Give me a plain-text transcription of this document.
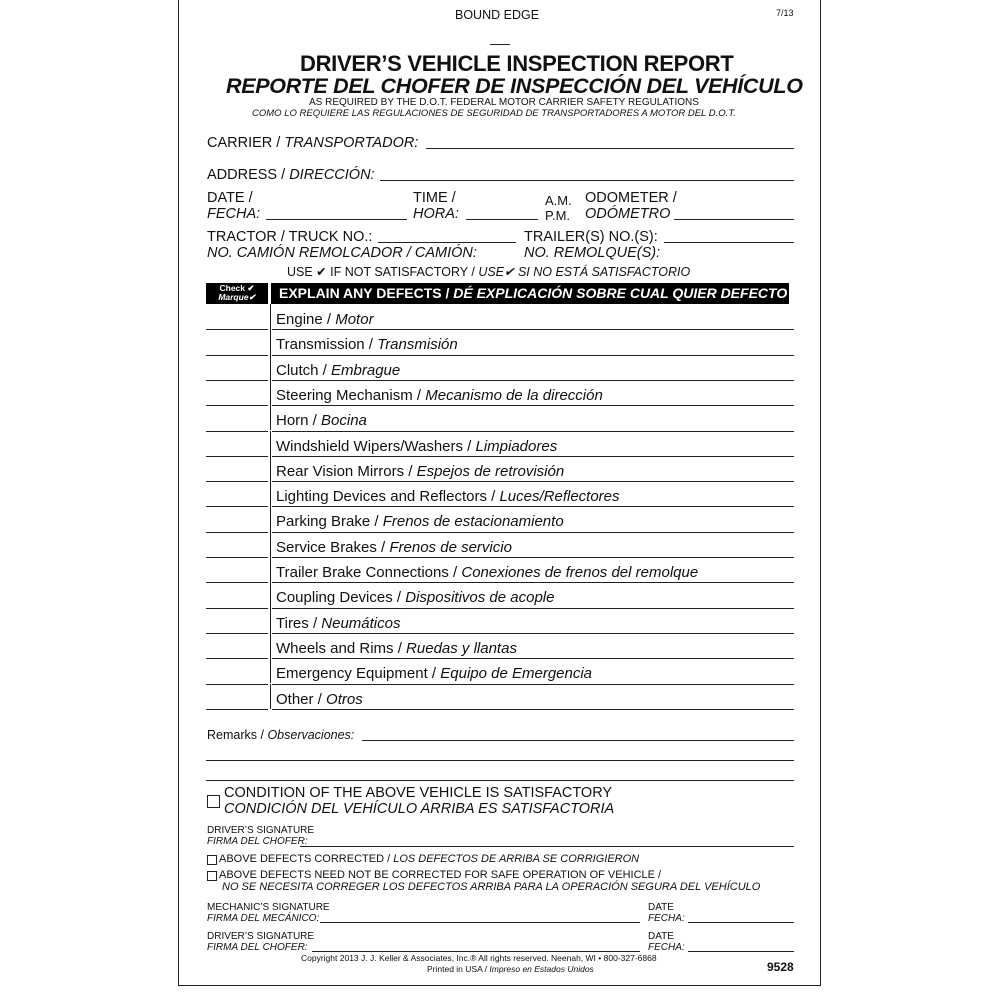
BOUND EDGE	7/13
DRIVER’S VEHICLE INSPECTION REPORT
REPORTE DEL CHOFER DE INSPECCIÓN DEL VEHÍCULO
AS REQUIRED BY THE D.O.T. FEDERAL MOTOR CARRIER SAFETY REGULATIONS
COMO LO REQUIERE LAS REGULACIONES DE SEGURIDAD DE TRANSPORTADORES A MOTOR DEL D.O.T.
CARRIER / TRANSPORTADOR:
ADDRESS / DIRECCIÓN:
DATE /
FECHA:
TIME /
HORA:
A.M.
P.M.
ODOMETER /
ODÓMETRO
TRACTOR / TRUCK NO.:
NO. CAMIÓN REMOLCADOR / CAMIÓN:
TRAILER(S) NO.(S):
NO. REMOLQUE(S):
USE ✔ IF NOT SATISFACTORY / USE✔ SI NO ESTÁ SATISFACTORIO
Check ✔
Marque✔	EXPLAIN ANY DEFECTS / DÉ EXPLICACIÓN SOBRE CUAL QUIER DEFECTO
Engine / Motor
Transmission / Transmisión
Clutch / Embrague
Steering Mechanism / Mecanismo de la dirección
Horn / Bocina
Windshield Wipers/Washers / Limpiadores
Rear Vision Mirrors / Espejos de retrovisión
Lighting Devices and Reflectors / Luces/Reflectores
Parking Brake / Frenos de estacionamiento
Service Brakes / Frenos de servicio
Trailer Brake Connections / Conexiones de frenos del remolque
Coupling Devices / Dispositivos de acople
Tires / Neumáticos
Wheels and Rims / Ruedas y llantas
Emergency Equipment / Equipo de Emergencia
Other / Otros
Remarks / Observaciones:
CONDITION OF THE ABOVE VEHICLE IS SATISFACTORY
CONDICIÓN DEL VEHÍCULO ARRIBA ES SATISFACTORIA
DRIVER’S SIGNATURE
FIRMA DEL CHOFER:
ABOVE DEFECTS CORRECTED / LOS DEFECTOS DE ARRIBA SE CORRIGIERON
ABOVE DEFECTS NEED NOT BE CORRECTED FOR SAFE OPERATION OF VEHICLE /
NO SE NECESITA CORREGER LOS DEFECTOS ARRIBA PARA LA OPERACIÓN SEGURA DEL VEHÍCULO
MECHANIC’S SIGNATURE
FIRMA DEL MECÁNICO:
DATE
FECHA:
DRIVER’S SIGNATURE
FIRMA DEL CHOFER:
DATE
FECHA:
Copyright 2013 J. J. Keller & Associates, Inc.® All rights reserved. Neenah, WI • 800-327-6868
Printed in USA / Impreso en Estados Unidos	9528
